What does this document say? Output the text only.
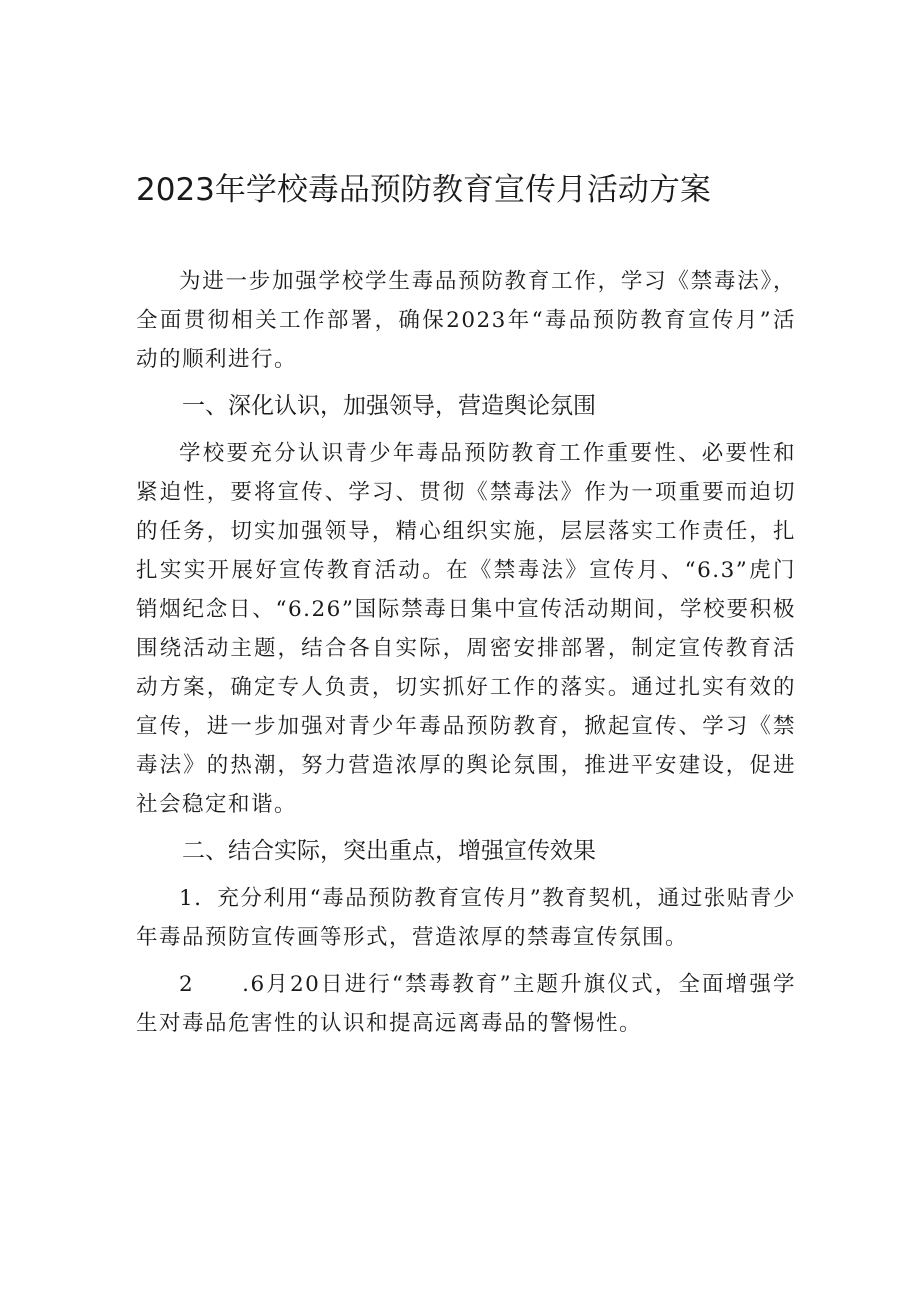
2023年学校毒品预防教育宣传月活动方案

为进一步加强学校学生毒品预防教育工作，学习《禁毒法》，全面贯彻相关工作部署，确保2023年“毒品预防教育宣传月”活动的顺利进行。

一、深化认识，加强领导，营造舆论氛围

学校要充分认识青少年毒品预防教育工作重要性、必要性和紧迫性，要将宣传、学习、贯彻《禁毒法》作为一项重要而迫切的任务，切实加强领导，精心组织实施，层层落实工作责任，扎扎实实开展好宣传教育活动。在《禁毒法》宣传月、“6.3”虎门销烟纪念日、“6.26”国际禁毒日集中宣传活动期间，学校要积极围绕活动主题，结合各自实际，周密安排部署，制定宣传教育活动方案，确定专人负责，切实抓好工作的落实。通过扎实有效的宣传，进一步加强对青少年毒品预防教育，掀起宣传、学习《禁毒法》的热潮，努力营造浓厚的舆论氛围，推进平安建设，促进社会稳定和谐。

二、结合实际，突出重点，增强宣传效果

1．充分利用“毒品预防教育宣传月”教育契机，通过张贴青少年毒品预防宣传画等形式，营造浓厚的禁毒宣传氛围。

2　　.6月20日进行“禁毒教育”主题升旗仪式，全面增强学生对毒品危害性的认识和提高远离毒品的警惕性。
